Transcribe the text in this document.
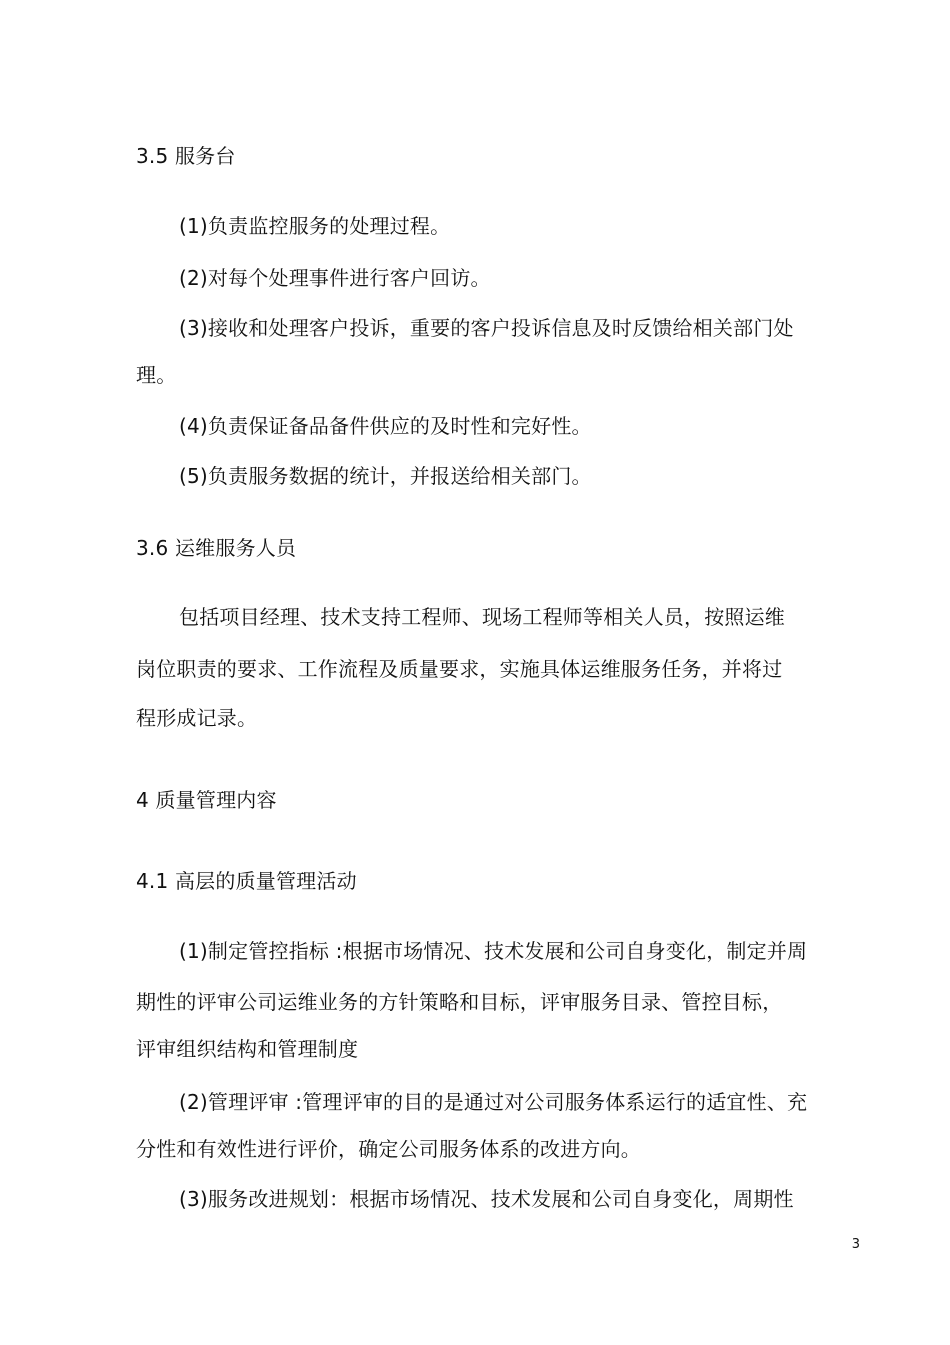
3.5 服务台
(1)负责监控服务的处理过程。
(2)对每个处理事件进行客户回访。
(3)接收和处理客户投诉，重要的客户投诉信息及时反馈给相关部门处
理。
(4)负责保证备品备件供应的及时性和完好性。
(5)负责服务数据的统计，并报送给相关部门。
3.6 运维服务人员
包括项目经理、技术支持工程师、现场工程师等相关人员，按照运维
岗位职责的要求、工作流程及质量要求，实施具体运维服务任务，并将过
程形成记录。
4 质量管理内容
4.1 高层的质量管理活动
(1)制定管控指标 :根据市场情况、技术发展和公司自身变化，制定并周
期性的评审公司运维业务的方针策略和目标，评审服务目录、管控目标，
评审组织结构和管理制度
(2)管理评审 :管理评审的目的是通过对公司服务体系运行的适宜性、充
分性和有效性进行评价，确定公司服务体系的改进方向。
(3)服务改进规划：根据市场情况、技术发展和公司自身变化，周期性
3
